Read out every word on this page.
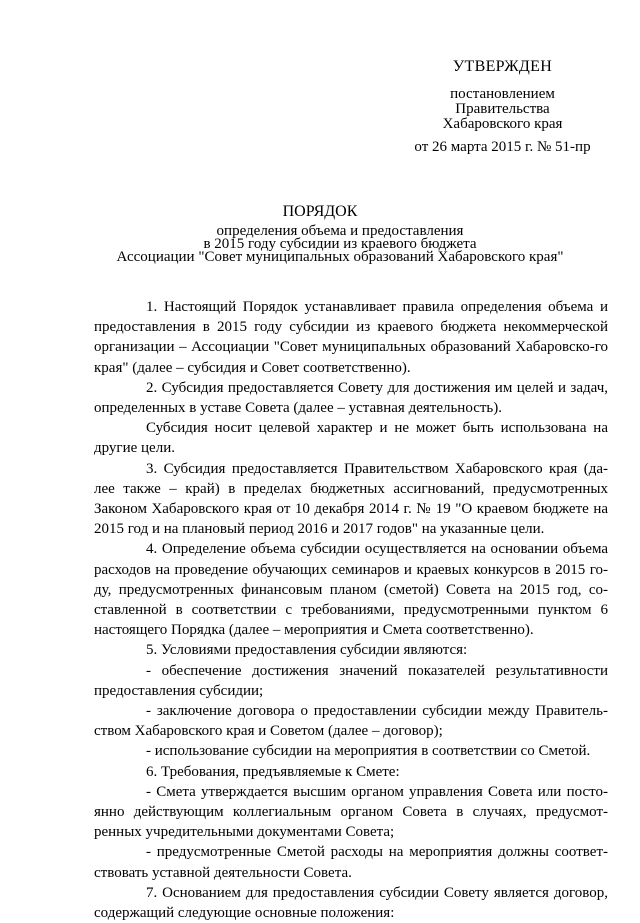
УТВЕРЖДЕН
постановлением
Правительства
Хабаровского края
от 26 марта 2015 г. № 51-пр
ПОРЯДОК
определения объема и предоставления
в 2015 году субсидии из краевого бюджета
Ассоциации "Совет муниципальных образований Хабаровского края"

1. Настоящий Порядок устанавливает правила определения объема и предоставления в 2015 году субсидии из краевого бюджета некоммерческой организации – Ассоциации "Совет муниципальных образований Хабаровско-го края" (далее – субсидия и Совет соответственно).

2. Субсидия предоставляется Совету для достижения им целей и задач, определенных в уставе Совета (далее – уставная деятельность).

Субсидия носит целевой характер и не может быть использована на другие цели.

3. Субсидия предоставляется Правительством Хабаровского края (да-лее также – край) в пределах бюджетных ассигнований, предусмотренных Законом Хабаровского края от 10 декабря 2014 г. № 19 "О краевом бюджете на 2015 год и на плановый период 2016 и 2017 годов" на указанные цели.

4. Определение объема субсидии осуществляется на основании объема расходов на проведение обучающих семинаров и краевых конкурсов в 2015 го-ду, предусмотренных финансовым планом (сметой) Совета на 2015 год, со-ставленной в соответствии с требованиями, предусмотренными пунктом 6 настоящего Порядка (далее – мероприятия и Смета соответственно).

5. Условиями предоставления субсидии являются:

- обеспечение достижения значений показателей результативности предоставления субсидии;

- заключение договора о предоставлении субсидии между Правитель-ством Хабаровского края и Советом (далее – договор);

- использование субсидии на мероприятия в соответствии со Сметой.

6. Требования, предъявляемые к Смете:

- Смета утверждается высшим органом управления Совета или посто-янно действующим коллегиальным органом Совета в случаях, предусмот-ренных учредительными документами Совета;

- предусмотренные Сметой расходы на мероприятия должны соответ-ствовать уставной деятельности Совета.

7. Основанием для предоставления субсидии Совету является договор, содержащий следующие основные положения:
